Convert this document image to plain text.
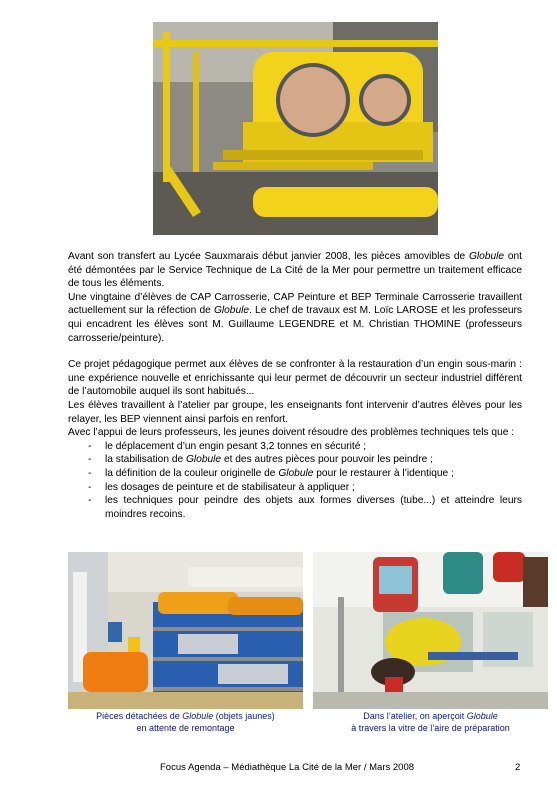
Avant son transfert au Lycée Sauxmarais début janvier 2008, les pièces amovibles de Globule ont été démontées par le Service Technique de La Cité de la Mer pour permettre un traitement efficace de tous les éléments.

Une vingtaine d’élèves de CAP Carrosserie, CAP Peinture et BEP Terminale Carrosserie travaillent actuellement sur la réfection de Globule. Le chef de travaux est M. Loïc LAROSE et les professeurs qui encadrent les élèves sont M. Guillaume LEGENDRE et M. Christian THOMINE (professeurs carrosserie/peinture).

Ce projet pédagogique permet aux élèves de se confronter à la restauration d’un engin sous-marin : une expérience nouvelle et enrichissante qui leur permet de découvrir un secteur industriel différent de l’automobile auquel ils sont habitués...

Les élèves travaillent à l’atelier par groupe, les enseignants font intervenir d’autres élèves pour les relayer, les BEP viennent ainsi parfois en renfort.

Avec l’appui de leurs professeurs, les jeunes doivent résoudre des problèmes techniques tels que :

- le déplacement d’un engin pesant 3,2 tonnes en sécurité ;
- la stabilisation de Globule et des autres pièces pour pouvoir les peindre ;
- la définition de la couleur originelle de Globule pour le restaurer à l’identique ;
- les dosages de peinture et de stabilisateur à appliquer ;
- les techniques pour peindre des objets aux formes diverses (tube...) et atteindre leurs moindres recoins.
Pièces détachées de Globule (objets jaunes)
en attente de remontage
Dans l’atelier, on aperçoit Globule
à travers la vitre de l’aire de préparation
Focus Agenda – Médiathèque La Cité de la Mer / Mars 2008	2
